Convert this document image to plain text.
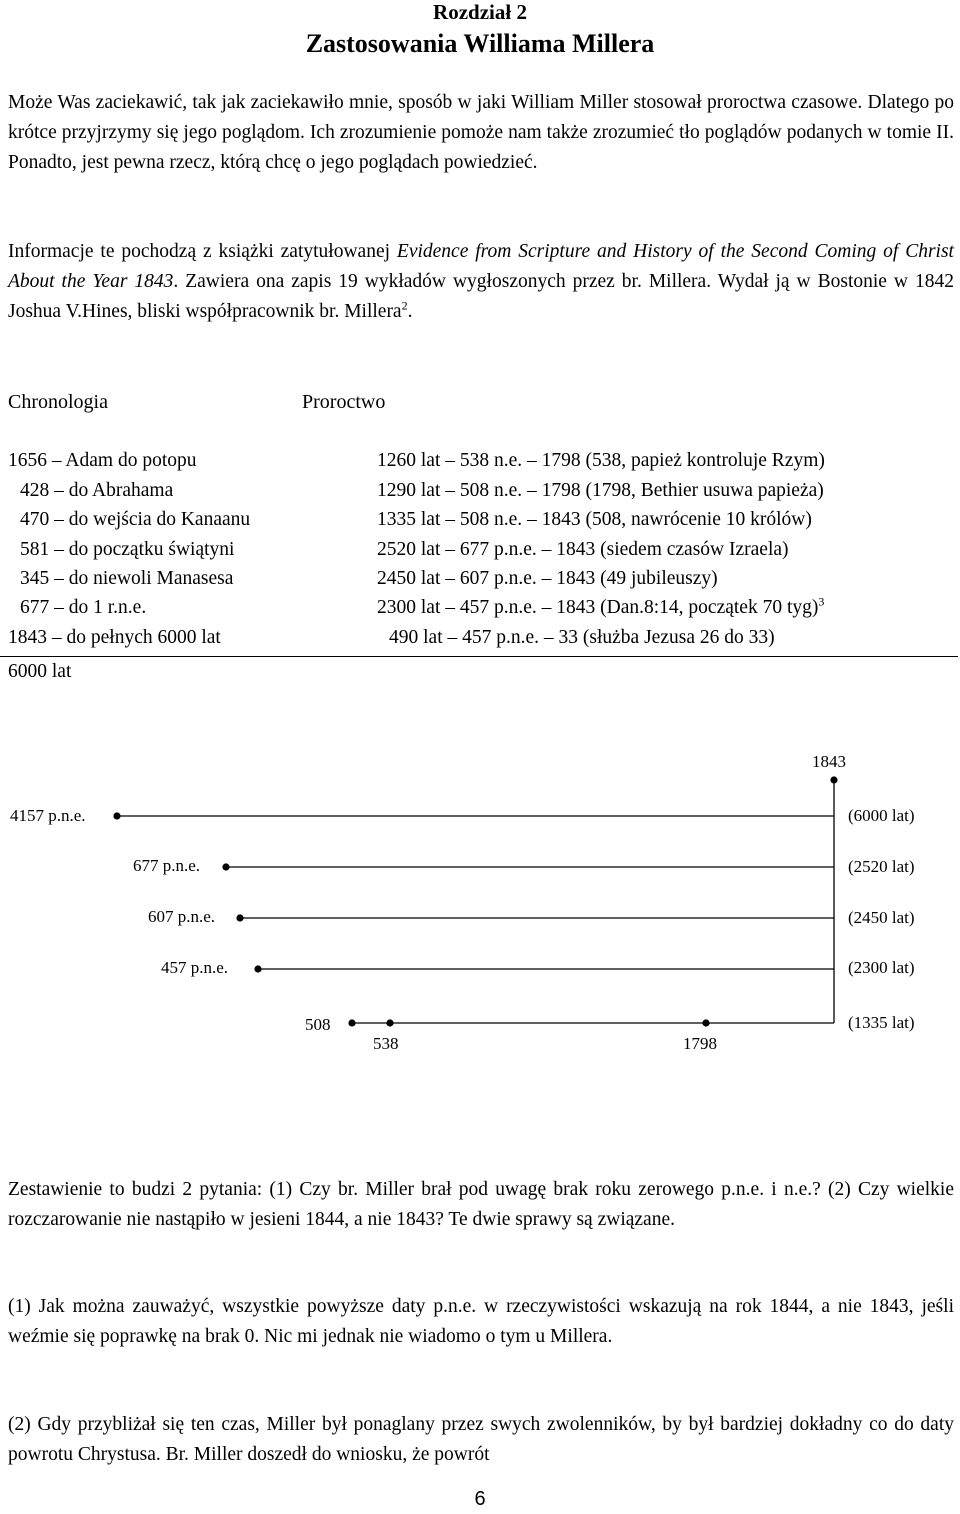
Rozdział 2
Zastosowania Williama Millera

Może Was zaciekawić, tak jak zaciekawiło mnie, sposób w jaki William Miller stosował proroctwa czasowe. Dlatego po krótce przyjrzymy się jego poglądom. Ich zrozumienie pomoże nam także zrozumieć tło poglądów podanych w tomie II. Ponadto, jest pewna rzecz, którą chcę o jego poglądach powiedzieć.

Informacje te pochodzą z książki zatytułowanej Evidence from Scripture and History of the Second Coming of Christ About the Year 1843. Zawiera ona zapis 19 wykładów wygłoszonych przez br. Millera. Wydał ją w Bostonie w 1842 Joshua V.Hines, bliski współpracownik br. Millera$^2$.

Chronologia	Proroctwo
1656 – Adam do potopu
428 – do Abrahama
470 – do wejścia do Kanaanu
581 – do początku świątyni
345 – do niewoli Manasesa
677 – do 1 r.n.e.
1843 – do pełnych 6000 lat
1260 lat – 538 n.e. – 1798 (538, papież kontroluje Rzym)
1290 lat – 508 n.e. – 1798 (1798, Bethier usuwa papieża)
1335 lat – 508 n.e. – 1843 (508, nawrócenie 10 królów)
2520 lat – 677 p.n.e. – 1843 (siedem czasów Izraela)
2450 lat – 607 p.n.e. – 1843 (49 jubileuszy)
2300 lat – 457 p.n.e. – 1843 (Dan.8:14, początek 70 tyg)$^3$
490 lat – 457 p.n.e. – 33 (służba Jezusa 26 do 33)
6000 lat
1843
4157 p.n.e.
677 p.n.e.
607 p.n.e.
457 p.n.e.
(6000 lat)
(2520 lat)
(2450 lat)
(2300 lat)
(1335 lat)
508
538	1798

Zestawienie to budzi 2 pytania: (1) Czy br. Miller brał pod uwagę brak roku zerowego p.n.e. i n.e.? (2) Czy wielkie rozczarowanie nie nastąpiło w jesieni 1844, a nie 1843? Te dwie sprawy są związane.

(1) Jak można zauważyć, wszystkie powyższe daty p.n.e. w rzeczywistości wskazują na rok 1844, a nie 1843, jeśli weźmie się poprawkę na brak 0. Nic mi jednak nie wiadomo o tym u Millera.

(2) Gdy przybliżał się ten czas, Miller był ponaglany przez swych zwolenników, by był bardziej dokładny co do daty powrotu Chrystusa. Br. Miller doszedł do wniosku, że powrót

6
